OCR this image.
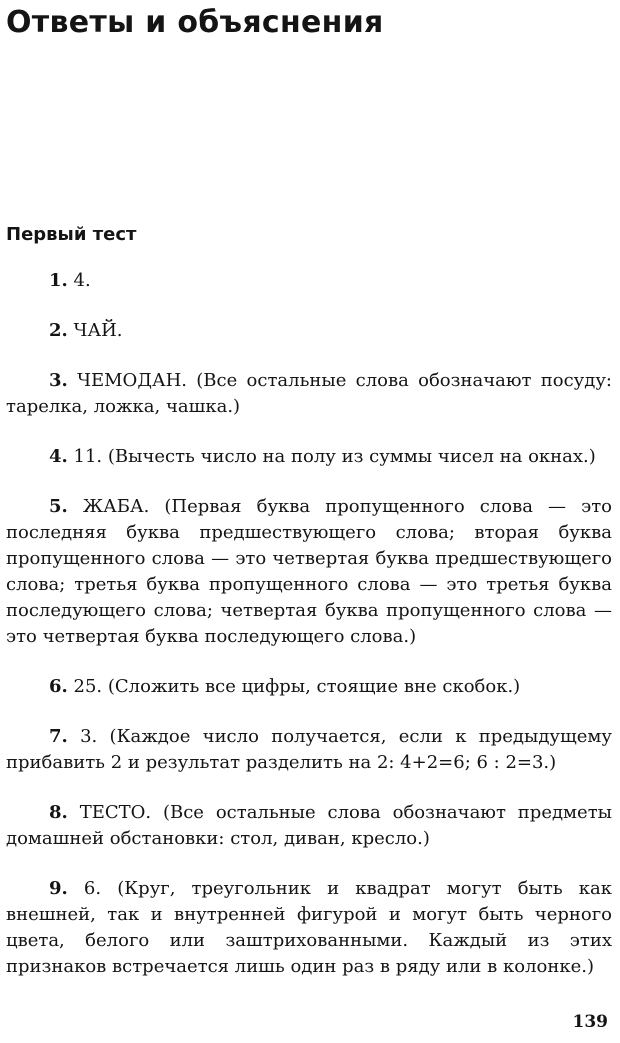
Ответы и объяснения
Первый тест
1. 4.
2. ЧАЙ.
3. ЧЕМОДАН. (Все остальные слова обозначают посуду: тарелка, ложка, чашка.)
4. 11. (Вычесть число на полу из суммы чисел на окнах.)
5. ЖАБА. (Первая буква пропущенного слова — это последняя буква предшествующего слова; вторая буква пропущенного слова — это четвертая буква предшествующего слова; третья буква пропущенного слова — это третья буква последующего слова; четвертая буква пропущенного слова — это четвертая буква последующего слова.)
6. 25. (Сложить все цифры, стоящие вне скобок.)
7. 3. (Каждое число получается, если к предыдущему прибавить 2 и результат разделить на 2: 4+2=6; 6 : 2=3.)
8. ТЕСТО. (Все остальные слова обозначают предметы домашней обстановки: стол, диван, кресло.)
9. 6. (Круг, треугольник и квадрат могут быть как внешней, так и внутренней фигурой и могут быть черного цвета, белого или заштрихованными. Каждый из этих признаков встречается лишь один раз в ряду или в колонке.)
139
